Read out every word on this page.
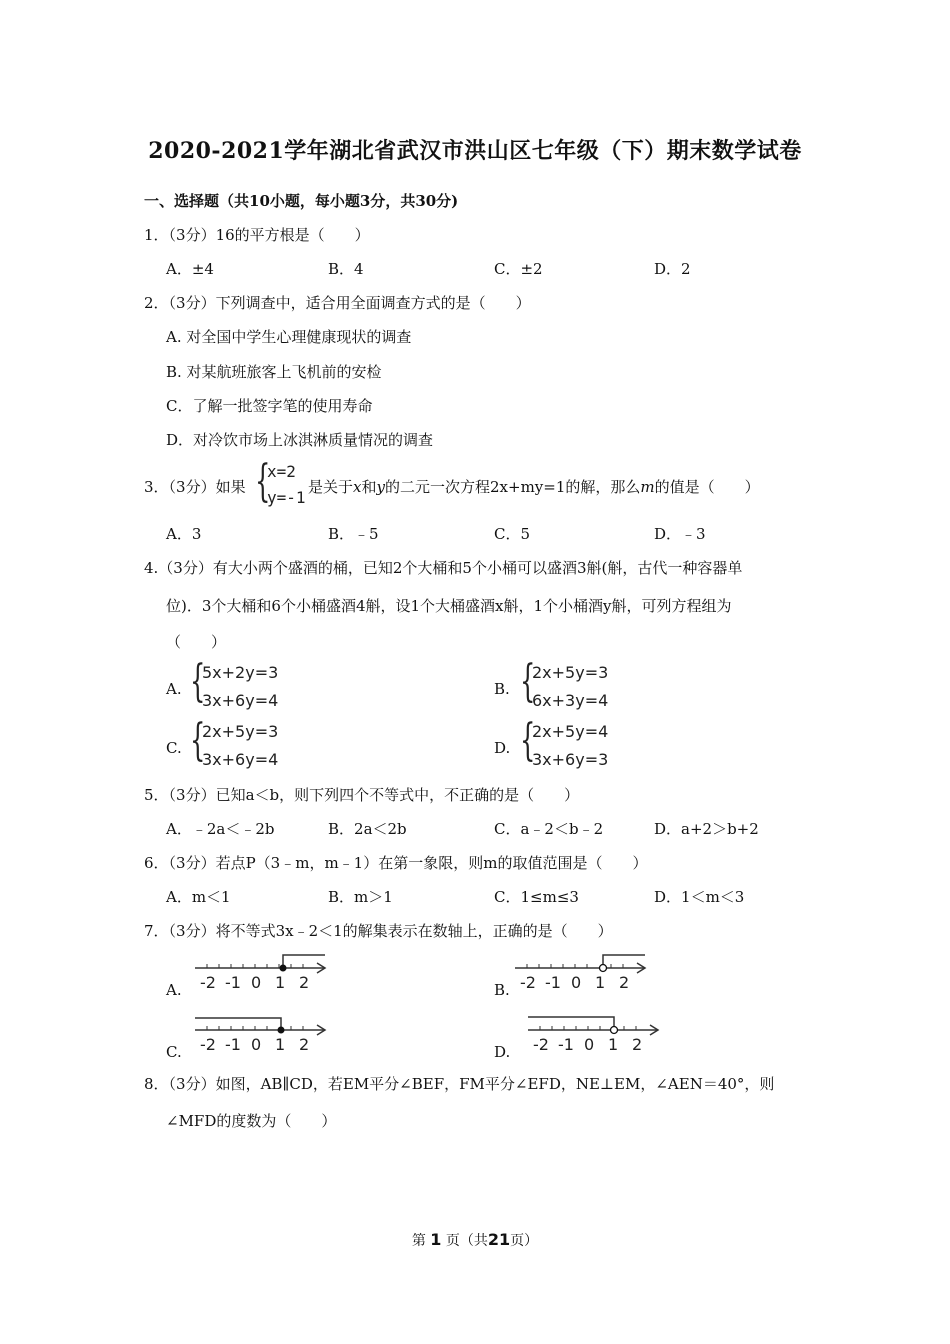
2020-2021学年湖北省武汉市洪山区七年级（下）期末数学试卷
一、选择题（共10小题，每小题3分，共30分)
1．（3分）16的平方根是（　　）
A．±4	B．4	C．±2	D．2
2．（3分）下列调查中，适合用全面调查方式的是（　　）
A. 对全国中学生心理健康现状的调查
B. 对某航班旅客上飞机前的安检
C．了解一批签字笔的使用寿命
D．对冷饮市场上冰淇淋质量情况的调查
3．（3分）如果 {
x=2
y=-1
是关于x和y的二元一次方程2x+my=1的解，那么m的值是（　　）
A．3	B．﹣5	C．5	D．﹣3
4.（3分）有大小两个盛酒的桶，已知2个大桶和5个小桶可以盛酒3斛(斛，古代一种容器单
位)．3个大桶和6个小桶盛酒4斛，设1个大桶盛酒x斛，1个小桶酒y斛，可列方程组为
（　　）
A. {
5x+2y=3
3x+6y=4
B. {
2x+5y=3
6x+3y=4
C. {
2x+5y=3
3x+6y=4
D. {
2x+5y=4
3x+6y=3
5．（3分）已知a＜b，则下列四个不等式中，不正确的是（　　）
A．﹣2a＜﹣2b	B．2a＜2b	C．a﹣2＜b﹣2	D．a+2＞b+2
6．（3分）若点P（3﹣m，m﹣1）在第一象限，则m的取值范围是（　　）
A．m＜1	B．m＞1	C．1≤m≤3	D．1＜m＜3
7．（3分）将不等式3x﹣2＜1的解集表示在数轴上，正确的是（　　）
A.	B.
C.	D.
-2 -1 0 1 2	-2 -1 0 1 2
-2 -1 0 1 2	-2 -1 0 1 2
8．（3分）如图，AB∥CD，若EM平分∠BEF，FM平分∠EFD，NE⊥EM，∠AEN＝40°，则
∠MFD的度数为（　　）
第 1 页（共21页）
